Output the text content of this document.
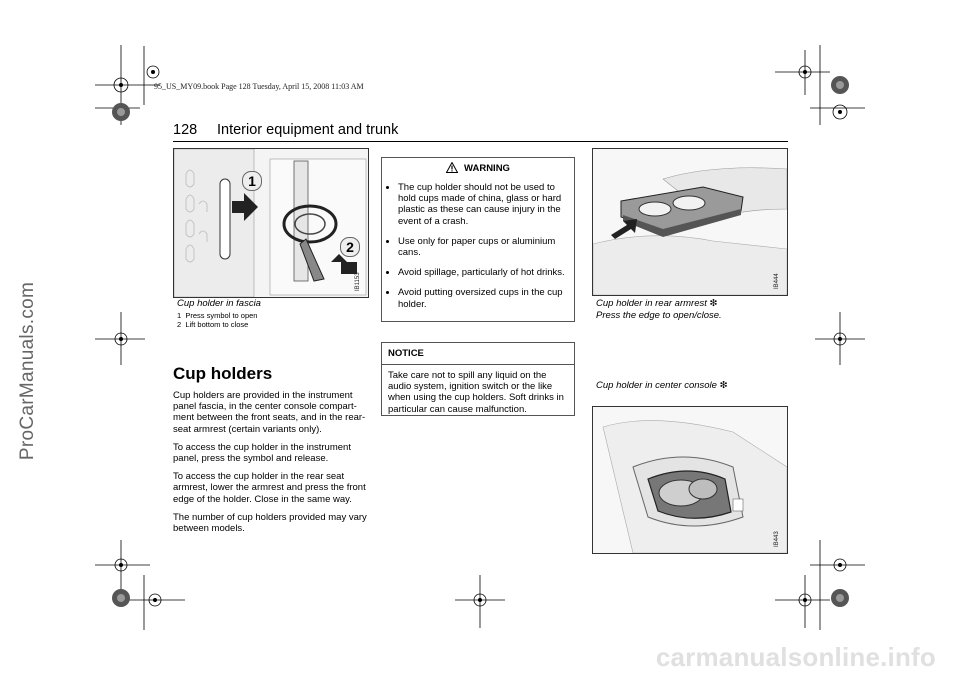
ProCarManuals.com
carmanualsonline.info
95_US_MY09.book Page 128 Tuesday, April 15, 2008 11:03 AM
128 Interior equipment and trunk
1
2
IB1153
Cup holder in fascia
1 Press symbol to open
2 Lift bottom to close
Cup holders

Cup holders are provided in the instrument panel fascia, in the center console compart-ment between the front seats, and in the rear-seat armrest (certain variants only).

To access the cup holder in the instrument panel, press the symbol and release.

To access the cup holder in the rear seat armrest, lower the armrest and press the front edge of the holder. Close in the same way.

The number of cup holders provided may vary between models.

WARNING
• The cup holder should not be used to hold cups made of china, glass or hard plastic as these can cause injury in the event of a crash.
• Use only for paper cups or aluminium cans.
• Avoid spillage, particularly of hot drinks.
• Avoid putting oversized cups in the cup holder.
NOTICE
Take care not to spill any liquid on the audio system, ignition switch or the like when using the cup holders. Soft drinks in particular can cause malfunction.
IB444
Cup holder in rear armrest ❇
Press the edge to open/close.
Cup holder in center console ❇
IB443
